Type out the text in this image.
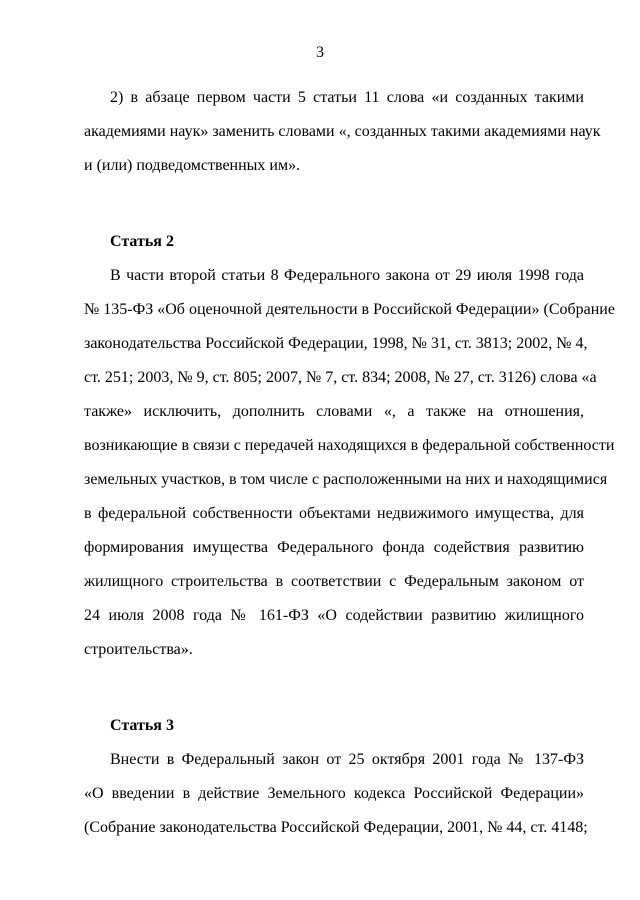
3
2) в абзаце первом части 5 статьи 11 слова «и созданных такими
академиями наук» заменить словами «, созданных такими академиями наук
и (или) подведомственных им».
Статья 2
В части второй статьи 8 Федерального закона от 29 июля 1998 года
№ 135-ФЗ «Об оценочной деятельности в Российской Федерации» (Собрание
законодательства Российской Федерации, 1998, № 31, ст. 3813; 2002, № 4,
ст. 251; 2003, № 9, ст. 805; 2007, № 7, ст. 834; 2008, № 27, ст. 3126) слова «а
также» исключить, дополнить словами «, а также на отношения,
возникающие в связи с передачей находящихся в федеральной собственности
земельных участков, в том числе с расположенными на них и находящимися
в федеральной собственности объектами недвижимого имущества, для
формирования имущества Федерального фонда содействия развитию
жилищного строительства в соответствии с Федеральным законом от
24 июля 2008 года № 161-ФЗ «О содействии развитию жилищного
строительства».
Статья 3
Внести в Федеральный закон от 25 октября 2001 года № 137-ФЗ
«О введении в действие Земельного кодекса Российской Федерации»
(Собрание законодательства Российской Федерации, 2001, № 44, ст. 4148;
